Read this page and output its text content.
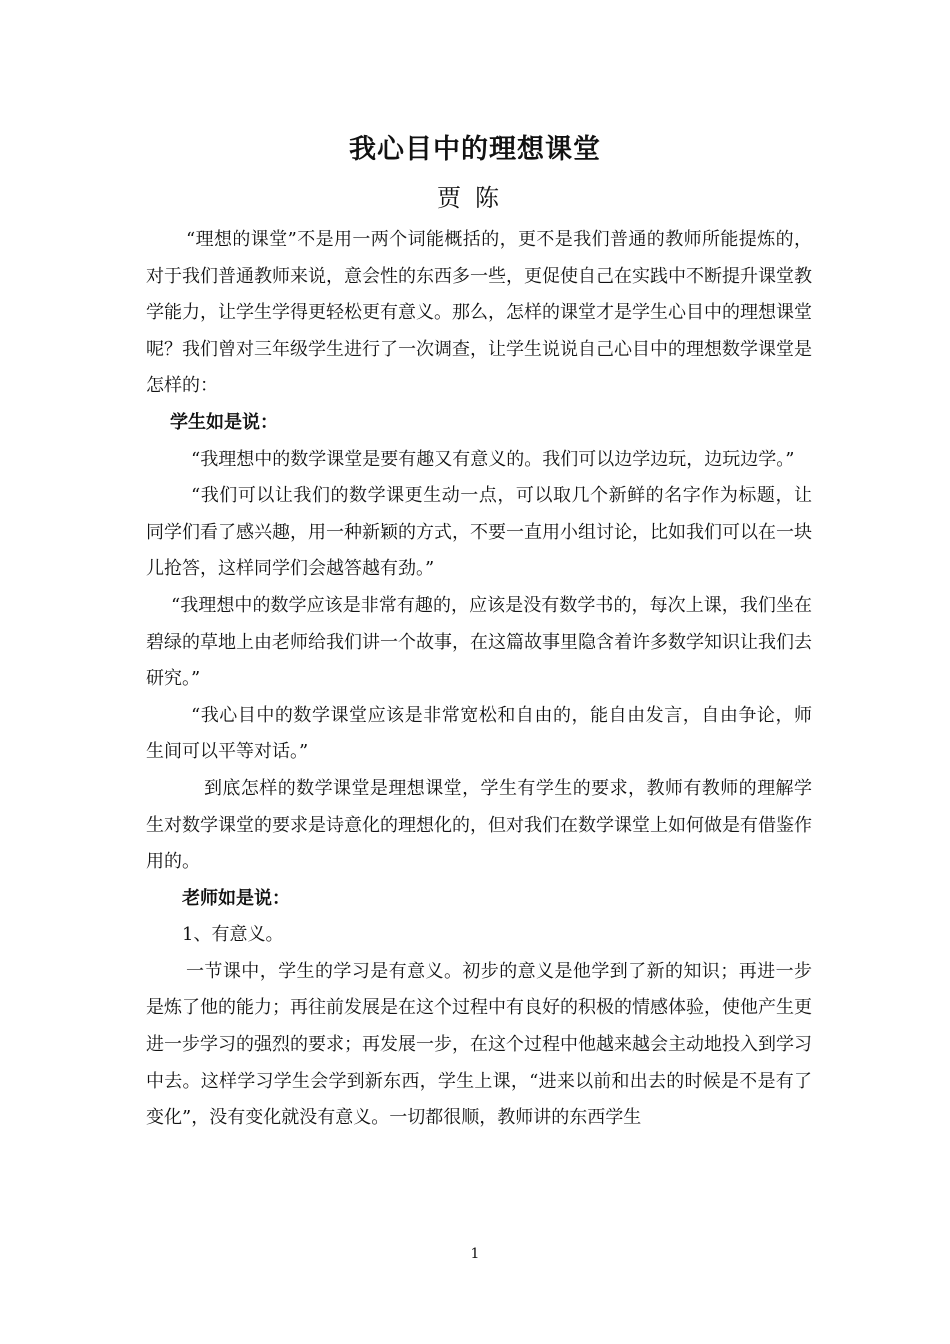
我心目中的理想课堂
贾陈

“理想的课堂”不是用一两个词能概括的，更不是我们普通的教师所能提炼的，对于我们普通教师来说，意会性的东西多一些，更促使自己在实践中不断提升课堂教学能力，让学生学得更轻松更有意义。那么，怎样的课堂才是学生心目中的理想课堂呢？我们曾对三年级学生进行了一次调查，让学生说说自己心目中的理想数学课堂是怎样的：

学生如是说：

“我理想中的数学课堂是要有趣又有意义的。我们可以边学边玩，边玩边学。”

“我们可以让我们的数学课更生动一点，可以取几个新鲜的名字作为标题，让同学们看了感兴趣，用一种新颖的方式，不要一直用小组讨论，比如我们可以在一块儿抢答，这样同学们会越答越有劲。”

“我理想中的数学应该是非常有趣的，应该是没有数学书的，每次上课，我们坐在碧绿的草地上由老师给我们讲一个故事，在这篇故事里隐含着许多数学知识让我们去研究。”

“我心目中的数学课堂应该是非常宽松和自由的，能自由发言，自由争论，师生间可以平等对话。”

到底怎样的数学课堂是理想课堂，学生有学生的要求，教师有教师的理解学生对数学课堂的要求是诗意化的理想化的，但对我们在数学课堂上如何做是有借鉴作用的。

老师如是说：

1、有意义。

一节课中，学生的学习是有意义。初步的意义是他学到了新的知识；再进一步是炼了他的能力；再往前发展是在这个过程中有良好的积极的情感体验，使他产生更进一步学习的强烈的要求；再发展一步，在这个过程中他越来越会主动地投入到学习中去。这样学习学生会学到新东西，学生上课，“进来以前和出去的时候是不是有了变化”，没有变化就没有意义。一切都很顺，教师讲的东西学生

1
